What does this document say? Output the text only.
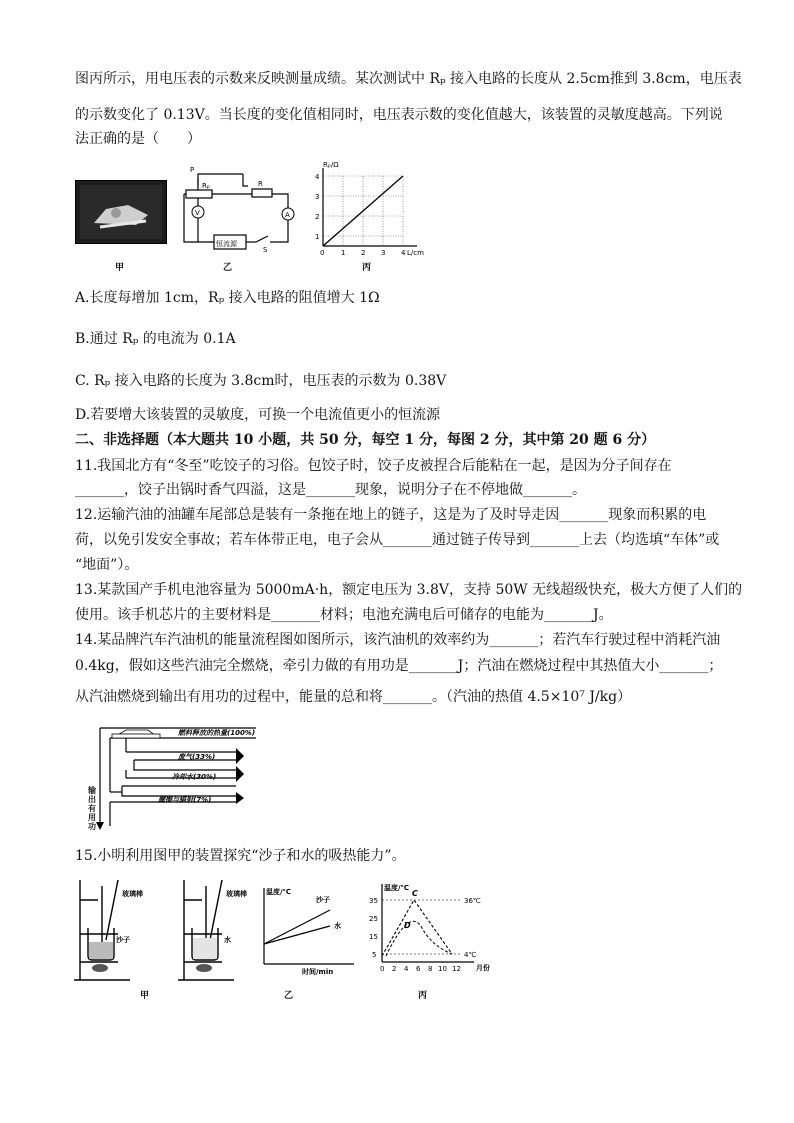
图丙所示，用电压表的示数来反映测量成绩。某次测试中 Rₚ 接入电路的长度从 2.5cm推到 3.8cm，电压表
的示数变化了 0.13V。当长度的变化值相同时，电压表示数的变化值越大，该装置的灵敏度越高。下列说
法正确的是（　　）
V	A
P
Rₚ	R
恒流源
S
Rₚ/Ω
L/cm
4
3
2
1
0 1 2 3 4
甲	乙	丙
A.长度每增加 1cm，Rₚ 接入电路的阻值增大 1Ω
B.通过 Rₚ 的电流为 0.1A
C. Rₚ 接入电路的长度为 3.8cm时，电压表的示数为 0.38V
D.若要增大该装置的灵敏度，可换一个电流值更小的恒流源
二、非选择题（本大题共 10 小题，共 50 分，每空 1 分，每图 2 分，其中第 20 题 6 分）
11.我国北方有“冬至”吃饺子的习俗。包饺子时，饺子皮被捏合后能粘在一起，是因为分子间存在
_______，饺子出锅时香气四溢，这是_______现象，说明分子在不停地做_______。
12.运输汽油的油罐车尾部总是装有一条拖在地上的链子，这是为了及时导走因_______现象而积累的电
荷，以免引发安全事故；若车体带正电，电子会从_______通过链子传导到_______上去（均选填“车体”或
“地面”）。
13.某款国产手机电池容量为 5000mA·h，额定电压为 3.8V，支持 50W 无线超级快充，极大方便了人们的
使用。该手机芯片的主要材料是_______材料；电池充满电后可储存的电能为_______J。
14.某品牌汽车汽油机的能量流程图如图所示，该汽油机的效率约为_______；若汽车行驶过程中消耗汽油
0.4kg，假如这些汽油完全燃烧，牵引力做的有用功是_______J；汽油在燃烧过程中其热值大小_______；
从汽油燃烧到输出有用功的过程中，能量的总和将_______。（汽油的热值 4.5×10⁷ J/kg）
燃料释放的热量(100%)
废气(33%)
冷却水(30%)
摩擦与辐射(7%)
输出有用功
15.小明利用图甲的装置探究“沙子和水的吸热能力”。
玻璃棒
沙子
玻璃棒
水
温度/℃
时间/min
沙子
水
温度/℃
月份
35
25
15
5
0 2 4 6 8 10 12
36℃
4℃
C
D
甲	乙	丙
